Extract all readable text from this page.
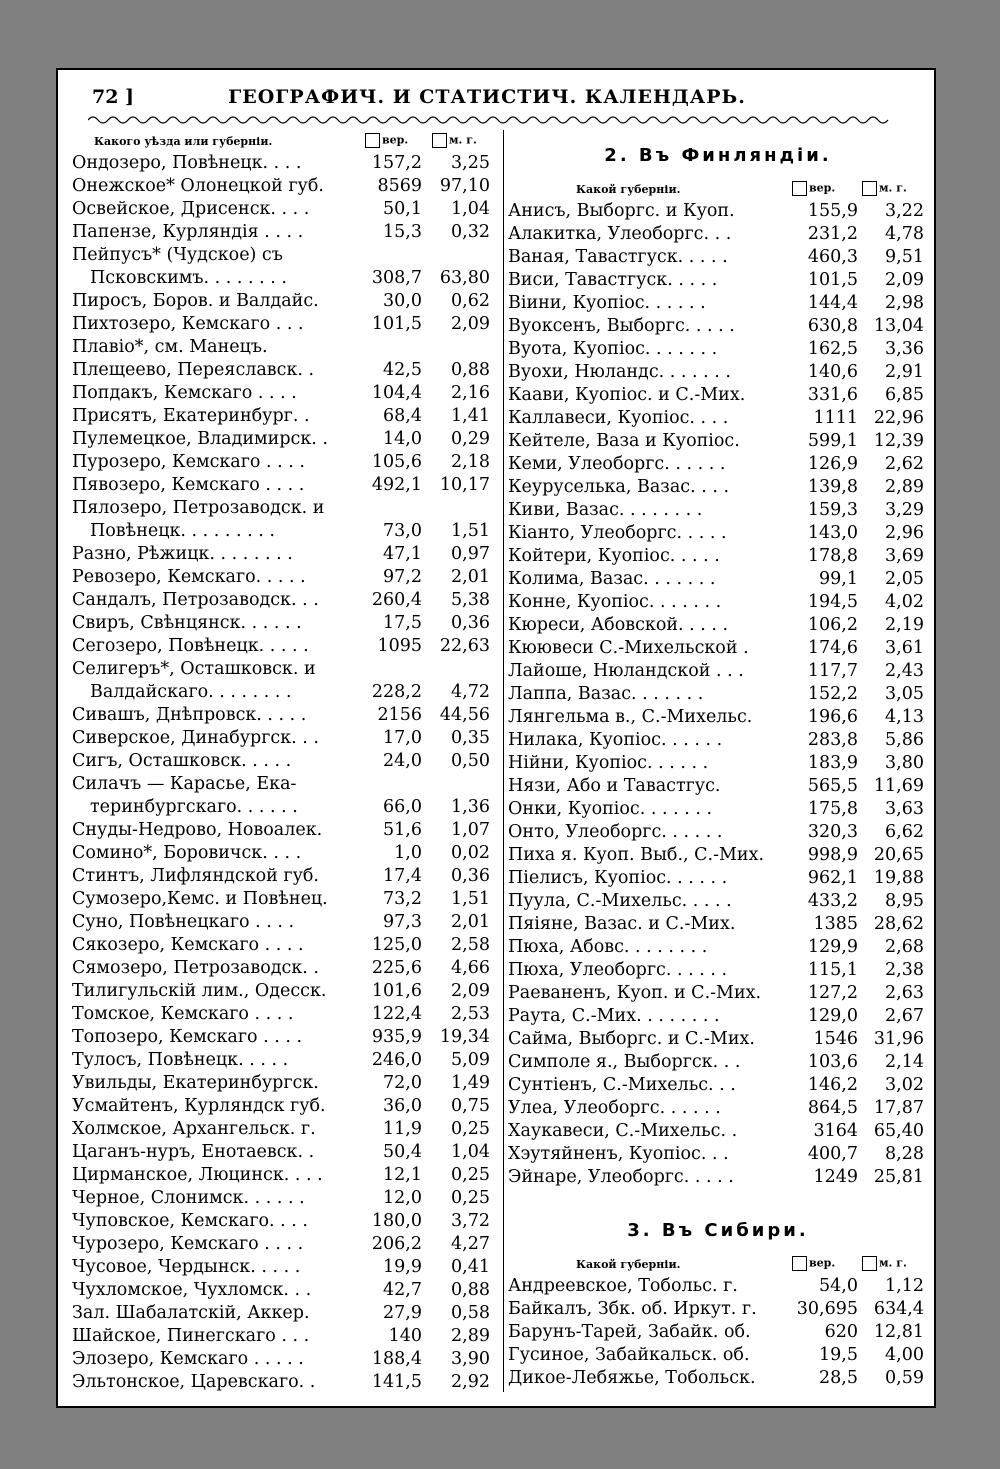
72 ]	ГЕОГРАФИЧ. И СТАТИСТИЧ. КАЛЕНДАРЬ.
Какого уѣзда или губерніи.	вер.	м. г.
Ондозеро, Повѣнецк. . . .	157,2 3,25
Онежское* Олонецкой губ.	8569 97,10
Освейское, Дрисенск. . . .	50,1 1,04
Папензе, Курляндія . . . .	15,3 0,32
Пейпусъ* (Чудское) съ
Псковскимъ. . . . . . . .	308,7 63,80
Пиросъ, Боров. и Валдайс.	30,0 0,62
Пихтозеро, Кемскаго . . .	101,5 2,09
Плавіо*, см. Манецъ.
Плещеево, Переяславск. .	42,5 0,88
Попдакъ, Кемскаго . . . .	104,4 2,16
Присятъ, Екатеринбург. .	68,4 1,41
Пулемецкое, Владимирск. .	14,0 0,29
Пурозеро, Кемскаго . . . .	105,6 2,18
Пявозеро, Кемскаго . . . .	492,1 10,17
Пялозеро, Петрозаводск. и
Повѣнецк. . . . . . . . .	73,0 1,51
Разно, Рѣжицк. . . . . . . .	47,1 0,97
Ревозеро, Кемскаго. . . . .	97,2 2,01
Сандалъ, Петрозаводск. . .	260,4 5,38
Свиръ, Свѣнцянск. . . . . .	17,5 0,36
Сегозеро, Повѣнецк. . . . .	1095 22,63
Селигеръ*, Осташковск. и
Валдайскаго. . . . . . . .	228,2 4,72
Сивашъ, Днѣпровск. . . . .	2156 44,56
Сиверское, Динабургск. . .	17,0 0,35
Сигъ, Осташковск. . . . .	24,0 0,50
Силачъ — Карасье, Ека-
теринбургскаго. . . . . .	66,0 1,36
Снуды-Недрово, Новоалек.	51,6 1,07
Сомино*, Боровичск. . . .	1,0 0,02
Стинтъ, Лифляндской губ.	17,4 0,36
Сумозеро,Кемс. и Повѣнец.	73,2 1,51
Суно, Повѣнецкаго . . . .	97,3 2,01
Сякозеро, Кемскаго . . . .	125,0 2,58
Сямозеро, Петрозаводск. .	225,6 4,66
Тилигульскій лим., Одесск.	101,6 2,09
Томское, Кемскаго . . . .	122,4 2,53
Топозеро, Кемскаго . . . .	935,9 19,34
Тулосъ, Повѣнецк. . . . .	246,0 5,09
Увильды, Екатеринбургск.	72,0 1,49
Усмайтенъ, Курляндск губ.	36,0 0,75
Холмское, Архангельск. г.	11,9 0,25
Цаганъ-нуръ, Енотаевск. .	50,4 1,04
Цирманское, Люцинск. . . .	12,1 0,25
Черное, Слонимск. . . . . .	12,0 0,25
Чуповское, Кемскаго. . . .	180,0 3,72
Чурозеро, Кемскаго . . . .	206,2 4,27
Чусовое, Чердынск. . . . .	19,9 0,41
Чухломское, Чухломск. . .	42,7 0,88
Зал. Шабалатскій, Аккер.	27,9 0,58
Шайское, Пинегскаго . . .	140 2,89
Элозеро, Кемскаго . . . . .	188,4 3,90
Эльтонское, Царевскаго. .	141,5 2,92
2. Въ Финляндіи.
Какой губерніи.	вер.	м. г.
Анисъ, Выборгс. и Куоп.	155,9 3,22
Алакитка, Улеоборгс. . .	231,2 4,78
Ваная, Тавастгуск. . . . .	460,3 9,51
Виси, Тавастгуск. . . . .	101,5 2,09
Віини, Куопіос. . . . . .	144,4 2,98
Вуоксенъ, Выборгс. . . . .	630,8 13,04
Вуота, Куопіос. . . . . . .	162,5 3,36
Вуохи, Нюландс. . . . . . .	140,6 2,91
Кaави, Куопіос. и С.-Мих.	331,6 6,85
Каллавеси, Куопіос. . . .	1111 22,96
Кейтеле, Ваза и Куопіос.	599,1 12,39
Кеми, Улеоборгс. . . . . .	126,9 2,62
Кеуруселька, Вазас. . . .	139,8 2,89
Киви, Вазас. . . . . . . .	159,3 3,29
Кіанто, Улеоборгс. . . . .	143,0 2,96
Койтери, Куопіос. . . . .	178,8 3,69
Колима, Вазас. . . . . . .	99,1 2,05
Конне, Куопіос. . . . . . .	194,5 4,02
Кюреси, Абовской. . . . .	106,2 2,19
Кюювеси С.-Михельской .	174,6 3,61
Лайоше, Нюландской . . .	117,7 2,43
Лаппа, Вазас. . . . . . .	152,2 3,05
Лянгельма в., С.-Михельс.	196,6 4,13
Нилака, Куопіос. . . . . .	283,8 5,86
Нійни, Куопіос. . . . . .	183,9 3,80
Нязи, Або и Тавастгус.	565,5 11,69
Онки, Куопіос. . . . . . .	175,8 3,63
Онто, Улеоборгс. . . . . .	320,3 6,62
Пиха я. Куоп. Выб., С.-Мих.	998,9 20,65
Піелисъ, Куопіос. . . . . .	962,1 19,88
Пуула, С.-Михельс. . . . .	433,2 8,95
Пяіяне, Вазас. и С.-Мих.	1385 28,62
Пюха, Абовс. . . . . . . .	129,9 2,68
Пюха, Улеоборгс. . . . . .	115,1 2,38
Раеваненъ, Куоп. и С.-Мих.	127,2 2,63
Раута, С.-Мих. . . . . . . .	129,0 2,67
Сайма, Выборгс. и С.-Мих.	1546 31,96
Симполе я., Выборгск. . .	103,6 2,14
Сунтіенъ, С.-Михельс. . .	146,2 3,02
Улеа, Улеоборгс. . . . . .	864,5 17,87
Хаукавеси, С.-Михельс. .	3164 65,40
Хэутяйненъ, Куопіос. . .	400,7 8,28
Эйнаре, Улеоборгс. . . . .	1249 25,81
3. Въ Сибири.
Какой губерніи.	вер.	м. г.
Андреевское, Тобольс. г.	54,0 1,12
Байкалъ, Збк. об. Иркут. г. 30,695 634,4
Барунъ-Тарей, Забайк. об.	620 12,81
Гусиное, Забайкальск. об.	19,5 4,00
Дикое-Лебяжье, Тобольск.	28,5 0,59
